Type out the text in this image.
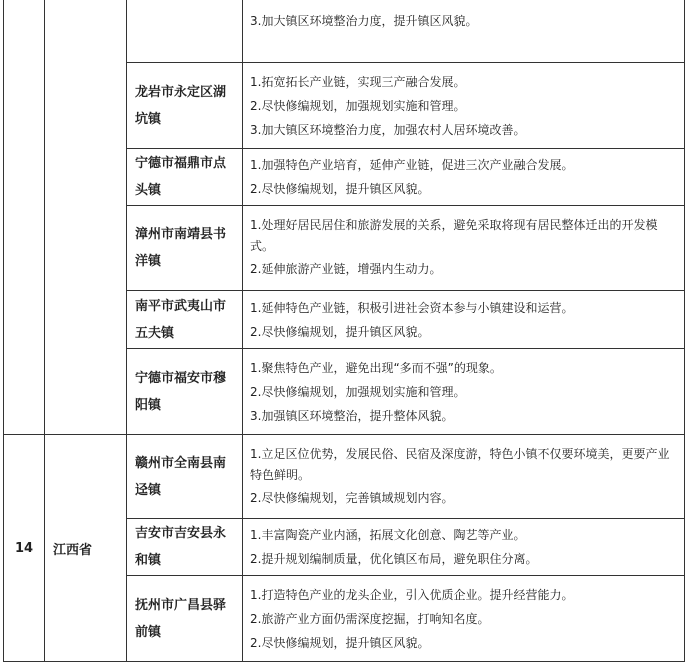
			3.加大镇区环境整治力度，提升镇区风貌。

		龙岩市永定区湖坑镇	1.拓宽拓长产业链，实现三产融合发展。
2.尽快修编规划，加强规划实施和管理。
3.加大镇区环境整治力度，加强农村人居环境改善。

		宁德市福鼎市点头镇	1.加强特色产业培育，延伸产业链，促进三次产业融合发展。
2.尽快修编规划，提升镇区风貌。

		漳州市南靖县书洋镇	1.处理好居民居住和旅游发展的关系，避免采取将现有居民整体迁出的开发模式。
2.延伸旅游产业链，增强内生动力。

		南平市武夷山市五夫镇	1.延伸特色产业链，积极引进社会资本参与小镇建设和运营。
2.尽快修编规划，提升镇区风貌。

		宁德市福安市穆阳镇	1.聚焦特色产业，避免出现“多而不强”的现象。
2.尽快修编规划，加强规划实施和管理。
3.加强镇区环境整治，提升整体风貌。
14	江西省	赣州市全南县南迳镇	1.立足区位优势，发展民俗、民宿及深度游，特色小镇不仅要环境美，更要产业特色鲜明。
2.尽快修编规划，完善镇域规划内容。

		吉安市吉安县永和镇	1.丰富陶瓷产业内涵，拓展文化创意、陶艺等产业。
2.提升规划编制质量，优化镇区布局，避免职住分离。

		抚州市广昌县驿前镇	1.打造特色产业的龙头企业，引入优质企业。提升经营能力。
2.旅游产业方面仍需深度挖掘，打响知名度。
2.尽快修编规划，提升镇区风貌。
